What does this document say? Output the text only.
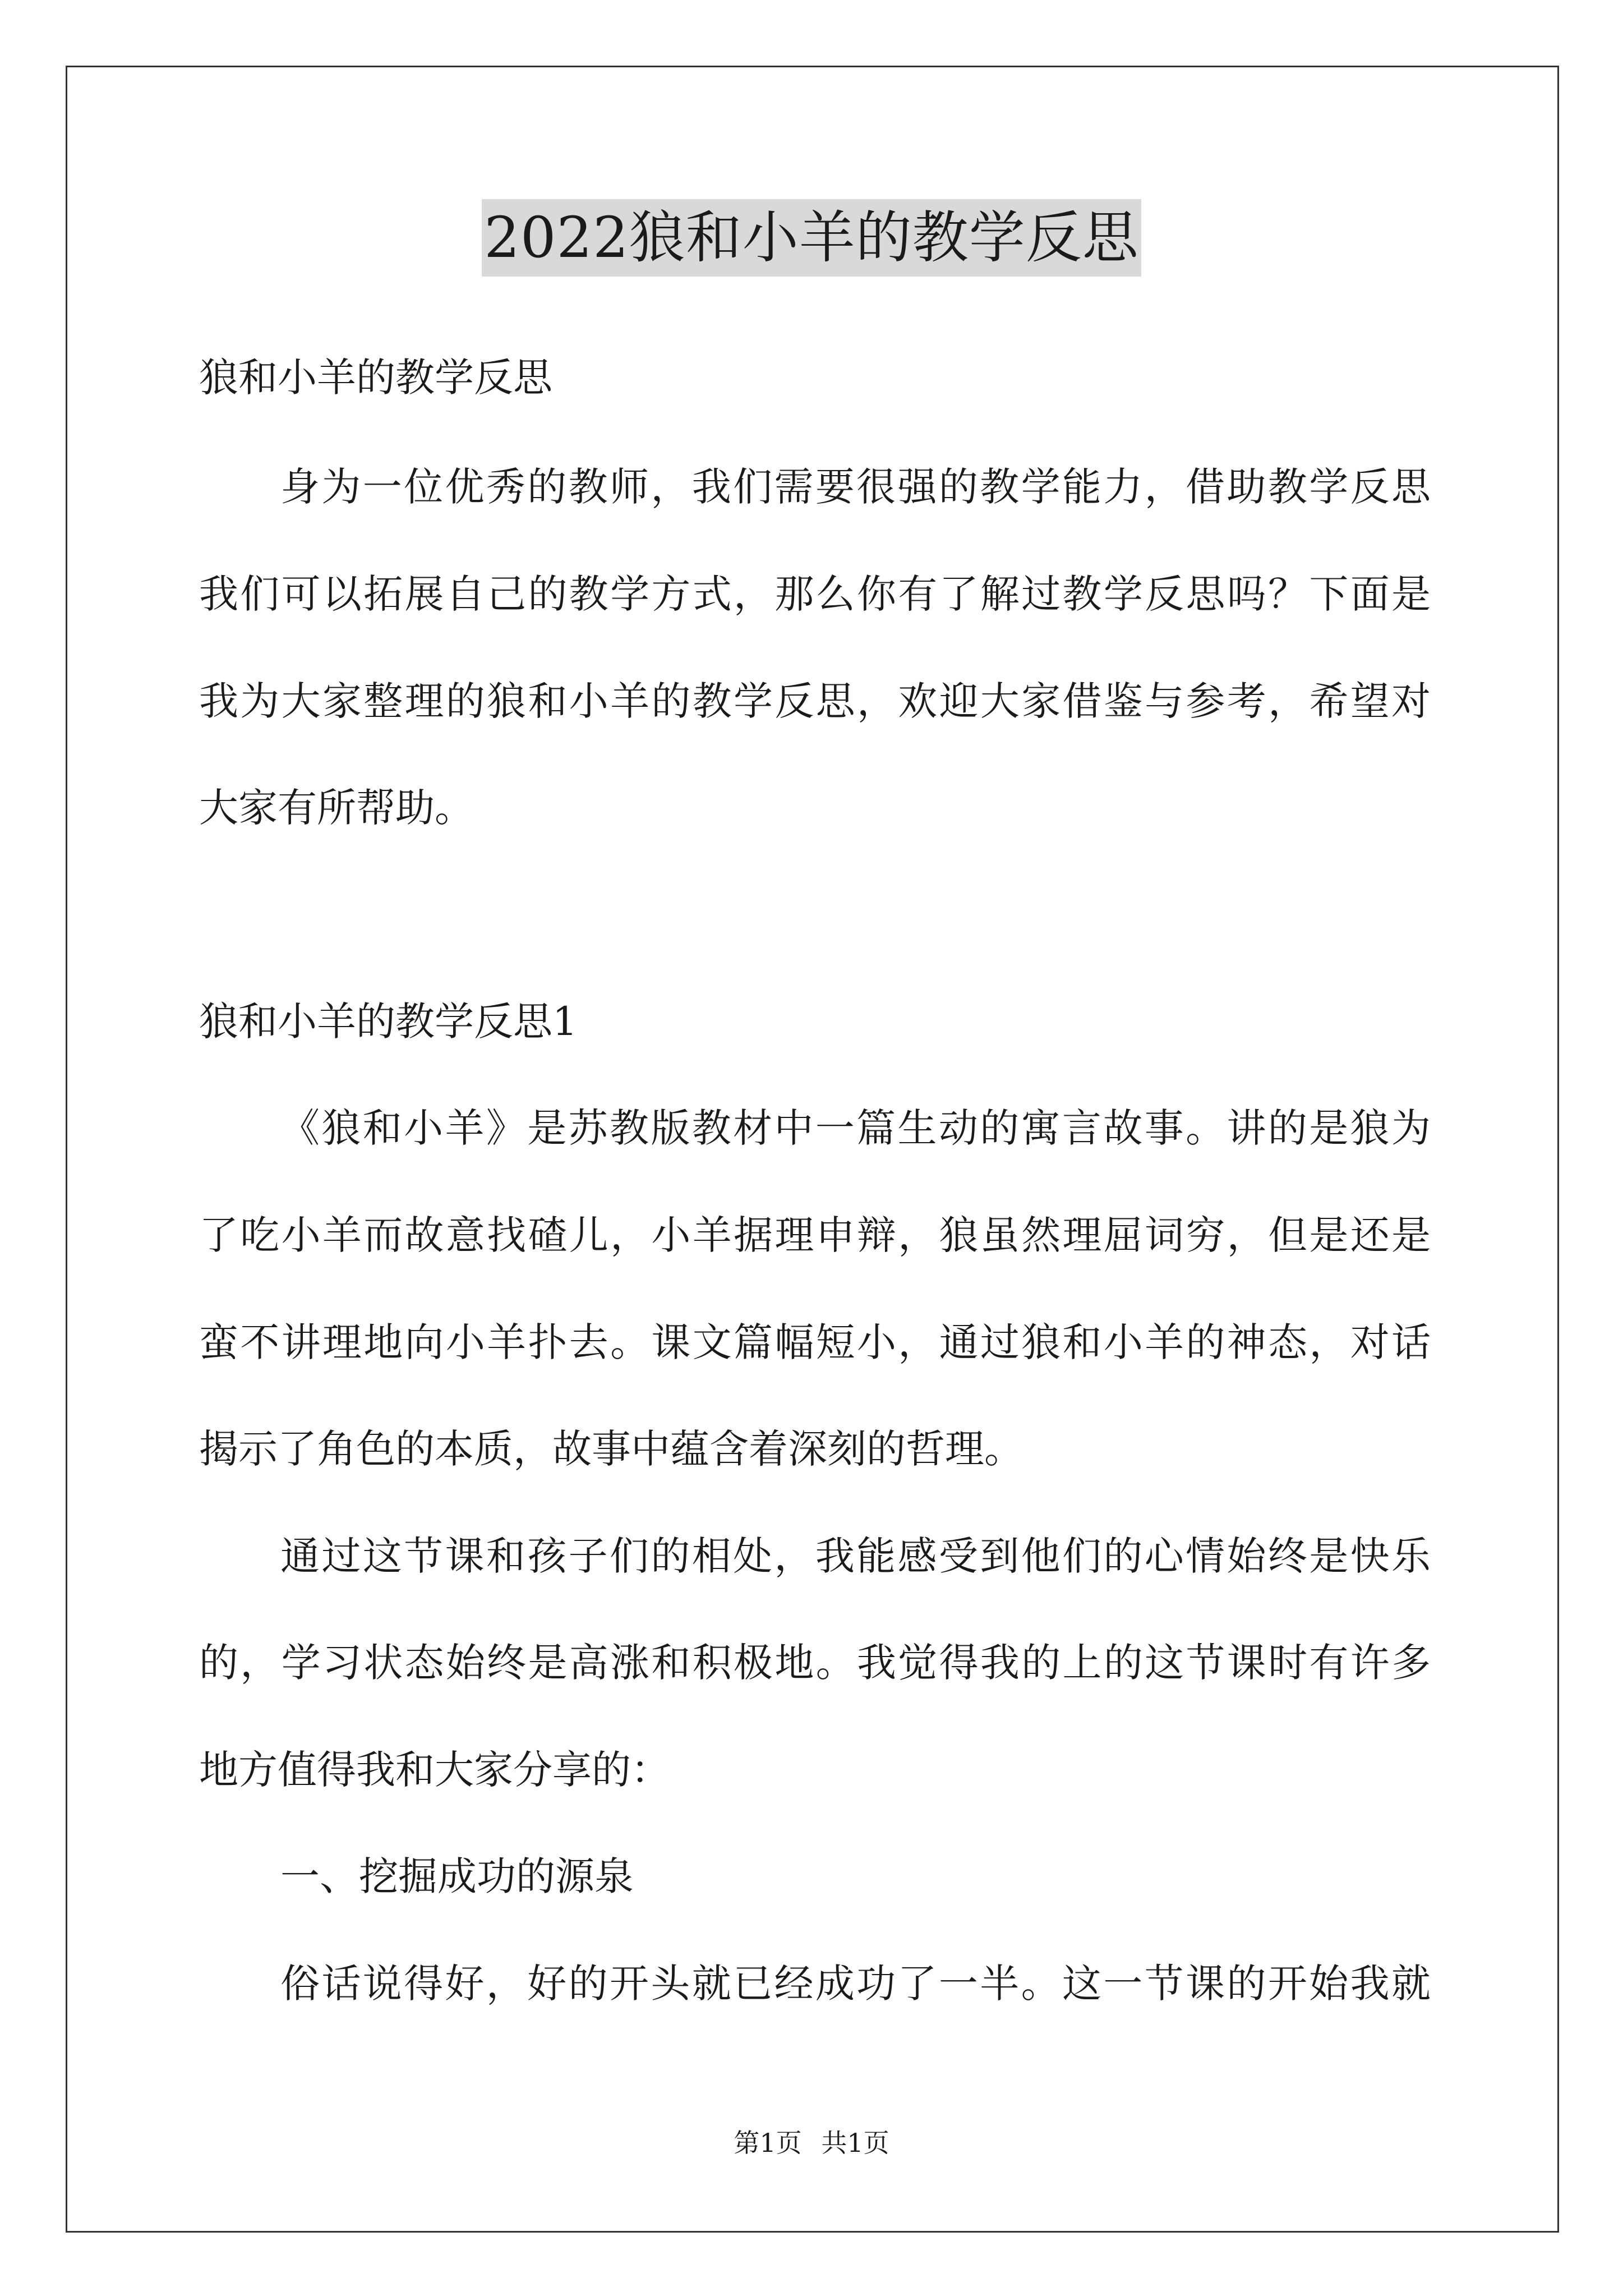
2022狼和小羊的教学反思
狼和小羊的教学反思
身为一位优秀的教师，我们需要很强的教学能力，借助教学反思
我们可以拓展自己的教学方式，那么你有了解过教学反思吗？下面是
我为大家整理的狼和小羊的教学反思，欢迎大家借鉴与参考，希望对
大家有所帮助。
狼和小羊的教学反思1
《狼和小羊》是苏教版教材中一篇生动的寓言故事。讲的是狼为
了吃小羊而故意找碴儿，小羊据理申辩，狼虽然理屈词穷，但是还是
蛮不讲理地向小羊扑去。课文篇幅短小，通过狼和小羊的神态，对话
揭示了角色的本质，故事中蕴含着深刻的哲理。
通过这节课和孩子们的相处，我能感受到他们的心情始终是快乐
的，学习状态始终是高涨和积极地。我觉得我的上的这节课时有许多
地方值得我和大家分享的：
一、挖掘成功的源泉
俗话说得好，好的开头就已经成功了一半。这一节课的开始我就
第1页 共1页
